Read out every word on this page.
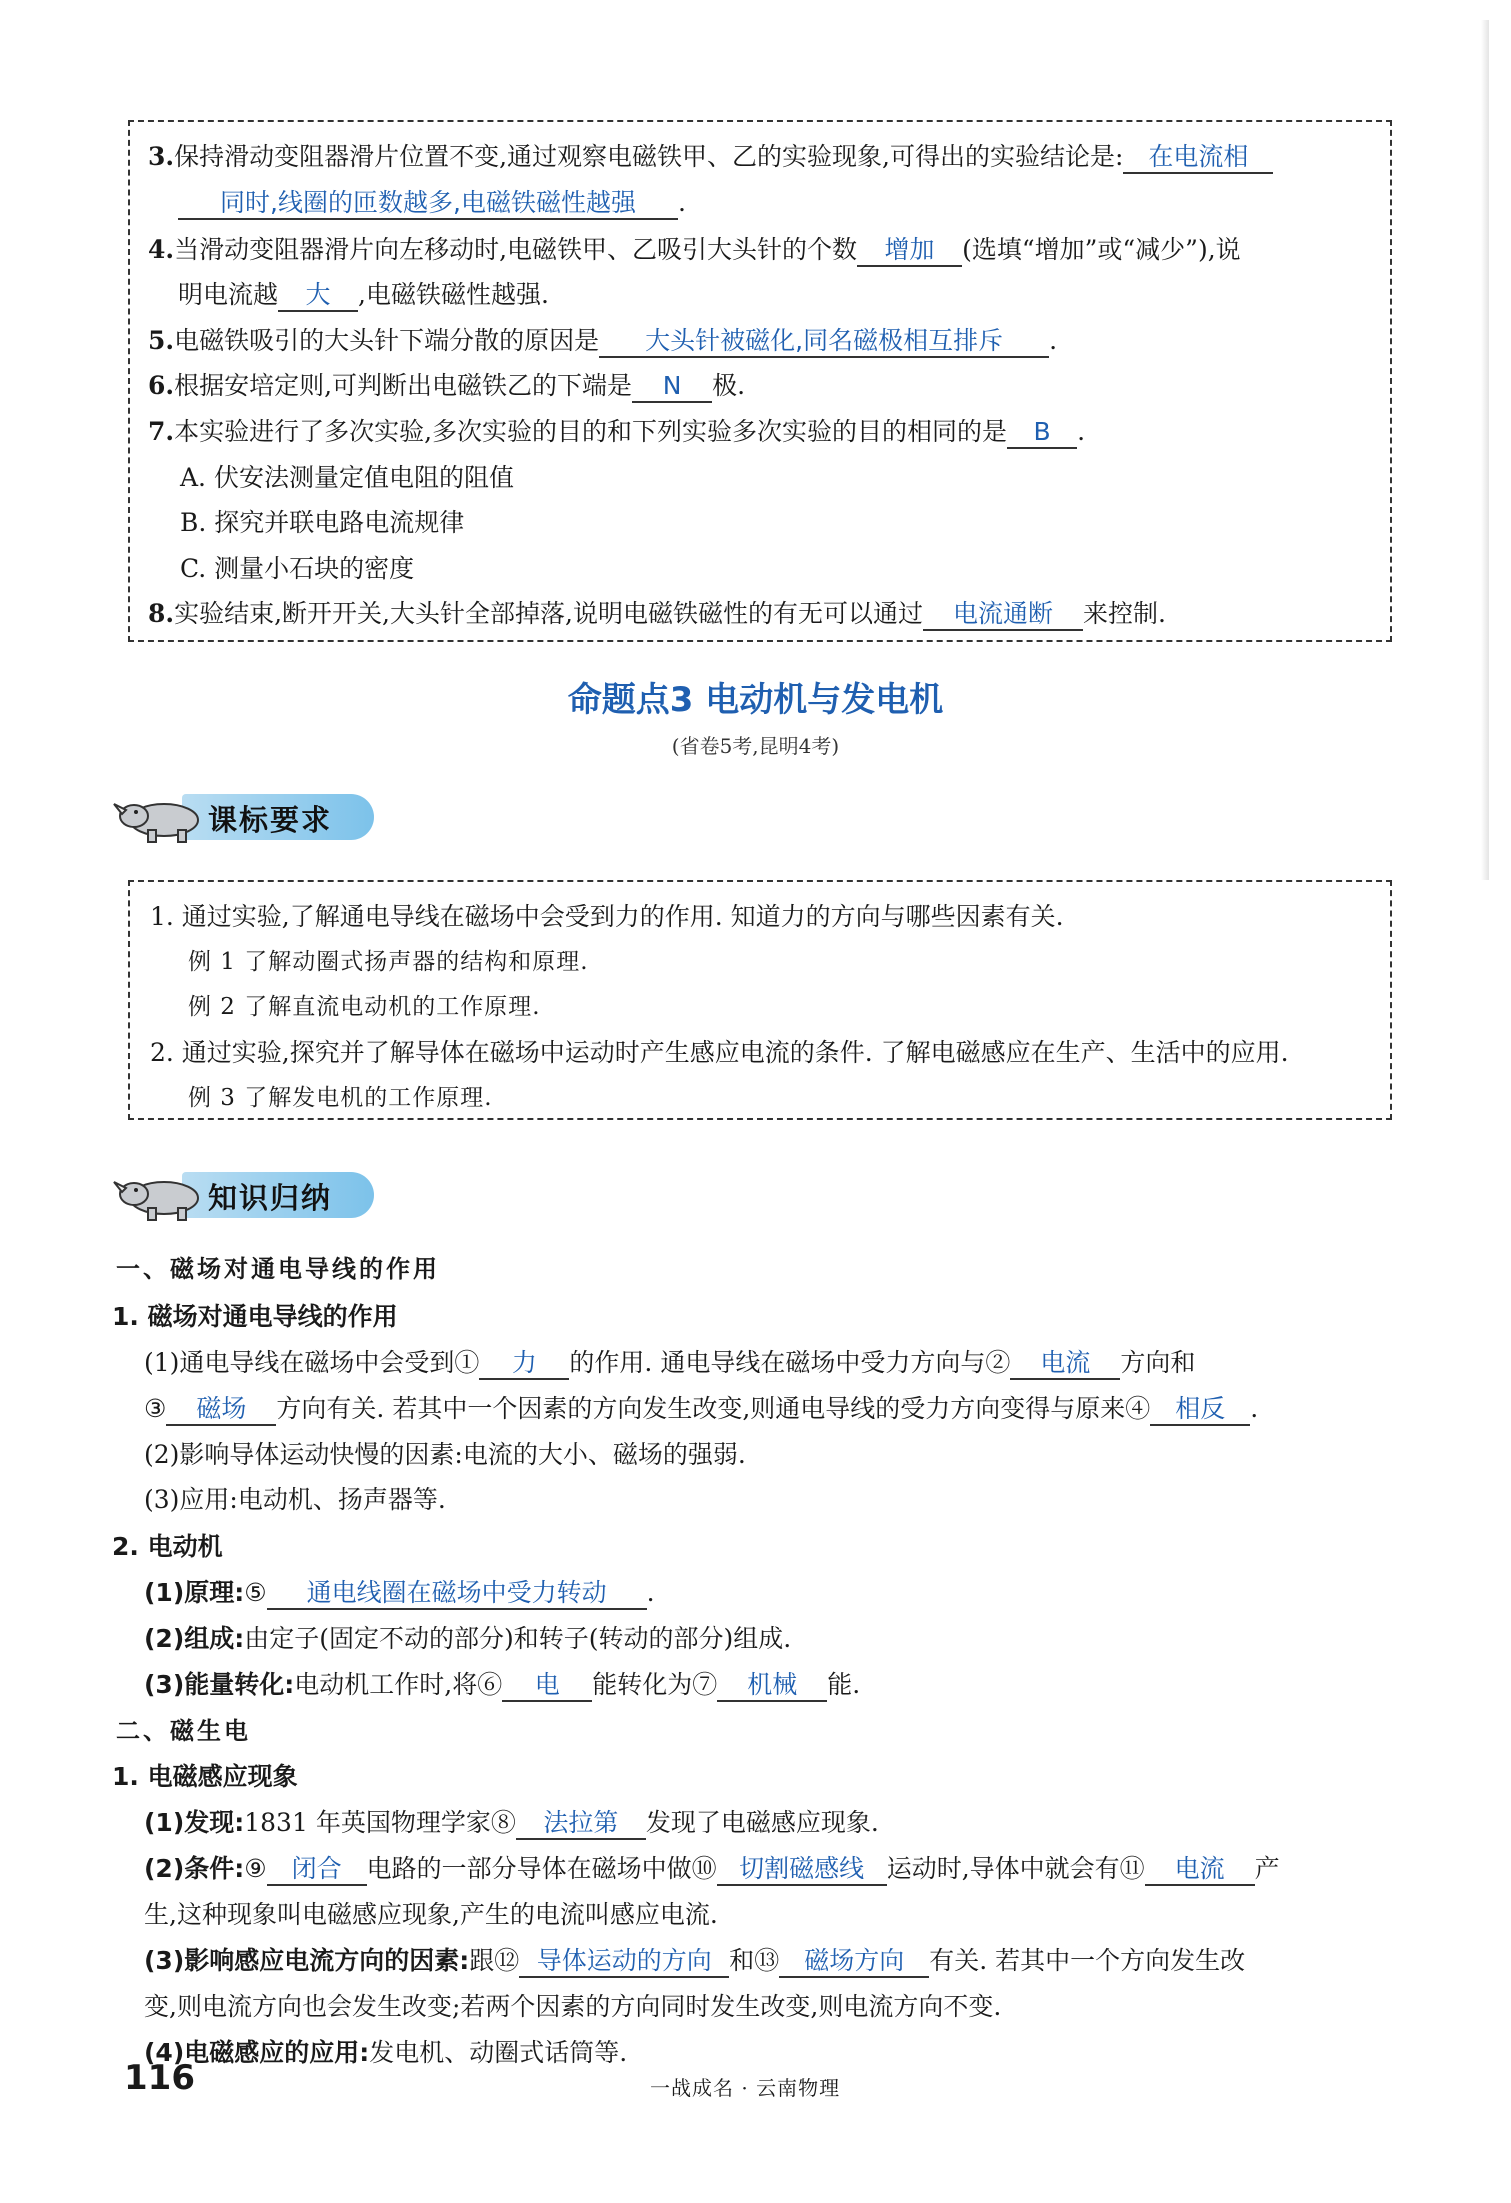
3.保持滑动变阻器滑片位置不变,通过观察电磁铁甲、乙的实验现象,可得出的实验结论是: 在电流相
同时,线圈的匝数越多,电磁铁磁性越强 .
4.当滑动变阻器滑片向左移动时,电磁铁甲、乙吸引大头针的个数 增加 (选填“增加”或“减少”),说
明电流越 大 ,电磁铁磁性越强.
5.电磁铁吸引的大头针下端分散的原因是 大头针被磁化,同名磁极相互排斥 .
6.根据安培定则,可判断出电磁铁乙的下端是 N 极.
7.本实验进行了多次实验,多次实验的目的和下列实验多次实验的目的相同的是 B .
A. 伏安法测量定值电阻的阻值
B. 探究并联电路电流规律
C. 测量小石块的密度
8.实验结束,断开开关,大头针全部掉落,说明电磁铁磁性的有无可以通过 电流通断 来控制.
命题点3 电动机与发电机
(省卷5考,昆明4考)
课标要求
1. 通过实验,了解通电导线在磁场中会受到力的作用. 知道力的方向与哪些因素有关.
例 1 了解动圈式扬声器的结构和原理.
例 2 了解直流电动机的工作原理.
2. 通过实验,探究并了解导体在磁场中运动时产生感应电流的条件. 了解电磁感应在生产、生活中的应用.
例 3 了解发电机的工作原理.
知识归纳
一、磁场对通电导线的作用
1. 磁场对通电导线的作用
(1)通电导线在磁场中会受到① 力 的作用. 通电导线在磁场中受力方向与② 电流 方向和
③ 磁场 方向有关. 若其中一个因素的方向发生改变,则通电导线的受力方向变得与原来④ 相反 .
(2)影响导体运动快慢的因素:电流的大小、磁场的强弱.
(3)应用:电动机、扬声器等.
2. 电动机
(1)原理:⑤ 通电线圈在磁场中受力转动 .
(2)组成:由定子(固定不动的部分)和转子(转动的部分)组成.
(3)能量转化:电动机工作时,将⑥ 电 能转化为⑦ 机械 能.
二、磁生电
1. 电磁感应现象
(1)发现:1831 年英国物理学家⑧ 法拉第 发现了电磁感应现象.
(2)条件:⑨ 闭合 电路的一部分导体在磁场中做⑩ 切割磁感线 运动时,导体中就会有⑪ 电流 产
生,这种现象叫电磁感应现象,产生的电流叫感应电流.
(3)影响感应电流方向的因素:跟⑫ 导体运动的方向 和⑬ 磁场方向 有关. 若其中一个方向发生改
变,则电流方向也会发生改变;若两个因素的方向同时发生改变,则电流方向不变.
(4)电磁感应的应用:发电机、动圈式话筒等.
116	一战成名 · 云南物理
